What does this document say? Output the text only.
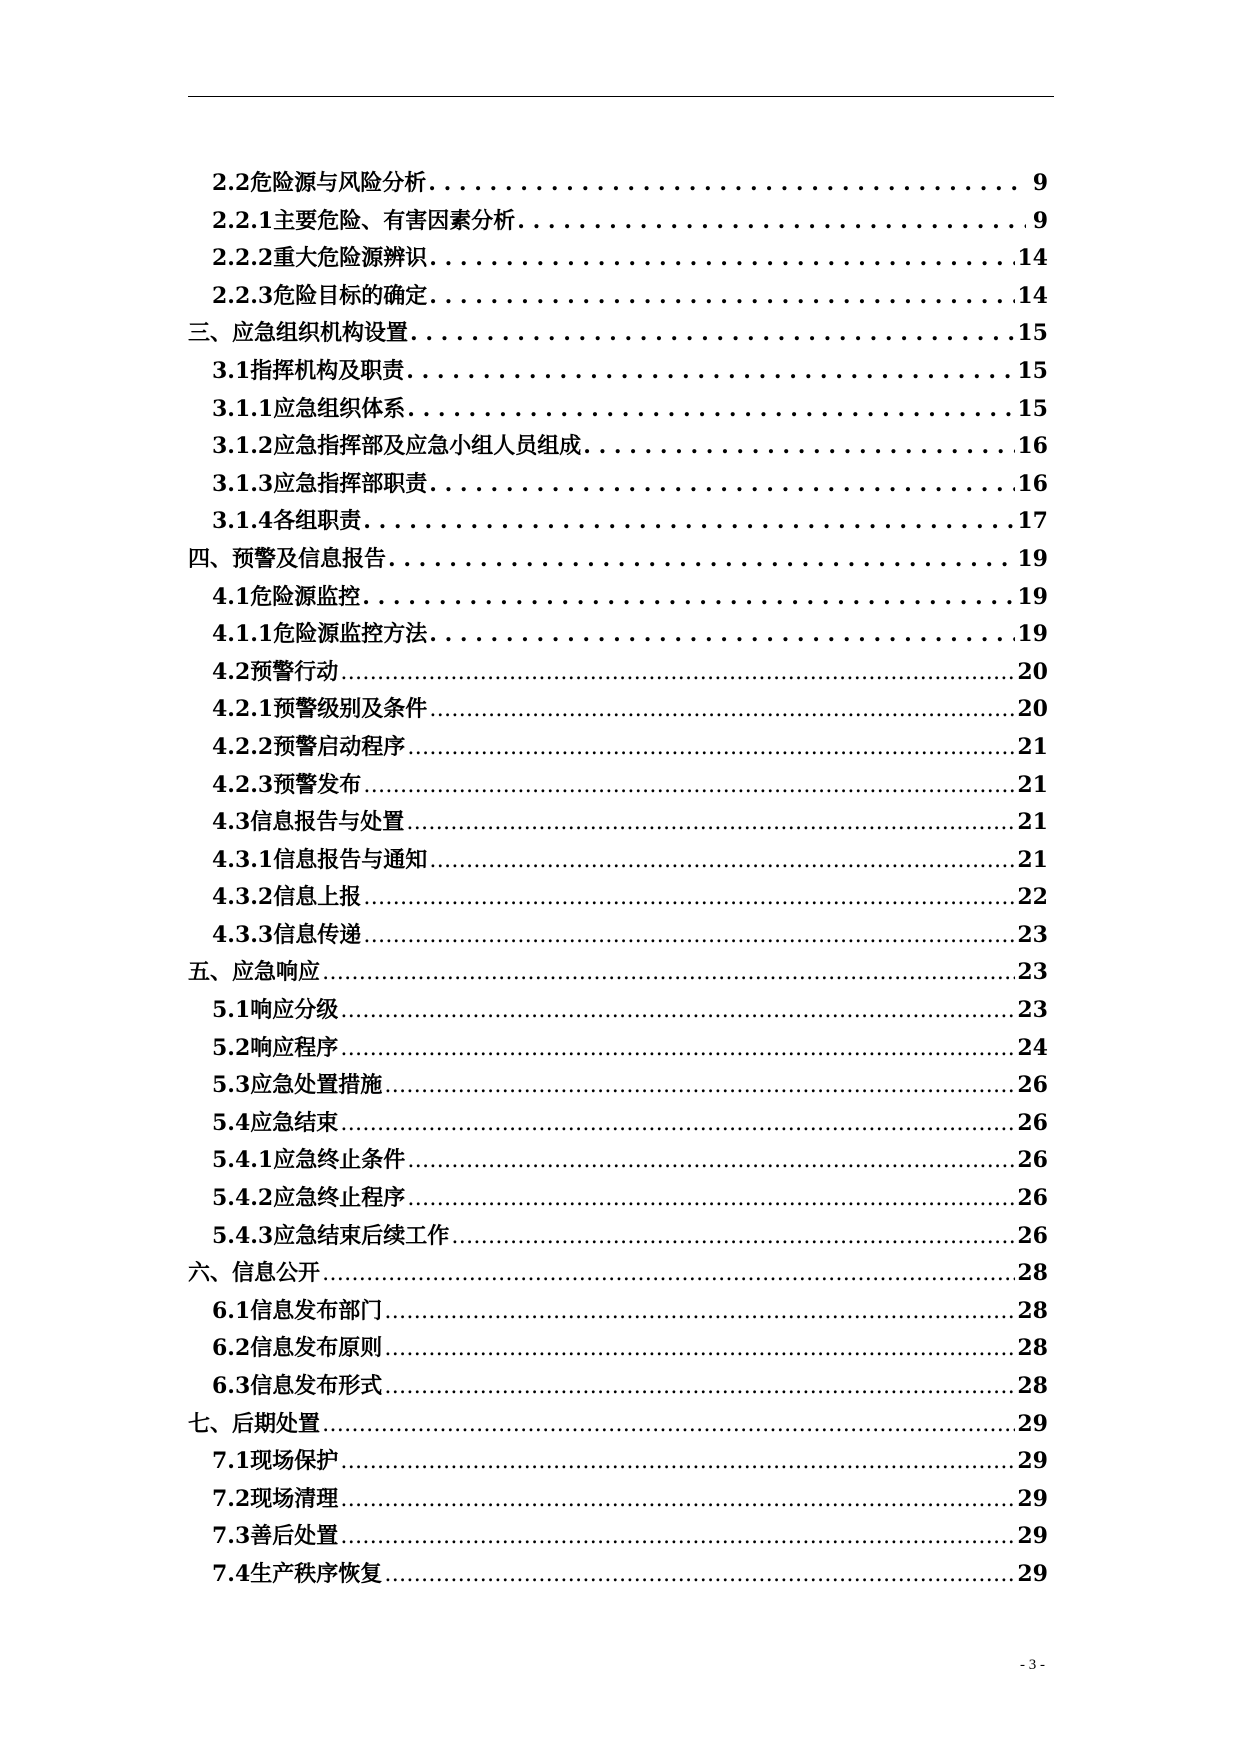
2.2危险源与风险分析 . . .	9
2.2.1主要危险、有害因素分析 . . .	9
2.2.2重大危险源辨识 . . .	14
2.2.3危险目标的确定 . . .	14
三、应急组织机构设置 . . .	15
3.1指挥机构及职责 . . .	15
3.1.1应急组织体系 . . .	15
3.1.2应急指挥部及应急小组人员组成 . . .	16
3.1.3应急指挥部职责 . . .	16
3.1.4各组职责 . . .	17
四、预警及信息报告 . . .	19
4.1危险源监控 . . .	19
4.1.1危险源监控方法 . . .	19
4.2预警行动 ………………………………………………………………………………………………………………………………………………………………………………………………………………………………………………	20
4.2.1预警级别及条件 ………………………………………………………………………………………………………………………………………………………………………………………………………………………………………………	20
4.2.2预警启动程序 ………………………………………………………………………………………………………………………………………………………………………………………………………………………………………………	21
4.2.3预警发布 ………………………………………………………………………………………………………………………………………………………………………………………………………………………………………………	21
4.3信息报告与处置 ………………………………………………………………………………………………………………………………………………………………………………………………………………………………………………	21
4.3.1信息报告与通知 ………………………………………………………………………………………………………………………………………………………………………………………………………………………………………………	21
4.3.2信息上报 ………………………………………………………………………………………………………………………………………………………………………………………………………………………………………………	22
4.3.3信息传递 ………………………………………………………………………………………………………………………………………………………………………………………………………………………………………………	23
五、应急响应 ………………………………………………………………………………………………………………………………………………………………………………………………………………………………………………	23
5.1响应分级 ………………………………………………………………………………………………………………………………………………………………………………………………………………………………………………	23
5.2响应程序 ………………………………………………………………………………………………………………………………………………………………………………………………………………………………………………	24
5.3应急处置措施 ………………………………………………………………………………………………………………………………………………………………………………………………………………………………………………	26
5.4应急结束 ………………………………………………………………………………………………………………………………………………………………………………………………………………………………………………	26
5.4.1应急终止条件 ………………………………………………………………………………………………………………………………………………………………………………………………………………………………………………	26
5.4.2应急终止程序 ………………………………………………………………………………………………………………………………………………………………………………………………………………………………………………	26
5.4.3应急结束后续工作 ………………………………………………………………………………………………………………………………………………………………………………………………………………………………………………	26
六、信息公开 ………………………………………………………………………………………………………………………………………………………………………………………………………………………………………………	28
6.1信息发布部门 ………………………………………………………………………………………………………………………………………………………………………………………………………………………………………………	28
6.2信息发布原则 ………………………………………………………………………………………………………………………………………………………………………………………………………………………………………………	28
6.3信息发布形式 ………………………………………………………………………………………………………………………………………………………………………………………………………………………………………………	28
七、后期处置 ………………………………………………………………………………………………………………………………………………………………………………………………………………………………………………	29
7.1现场保护 ………………………………………………………………………………………………………………………………………………………………………………………………………………………………………………	29
7.2现场清理 ………………………………………………………………………………………………………………………………………………………………………………………………………………………………………………	29
7.3善后处置 ………………………………………………………………………………………………………………………………………………………………………………………………………………………………………………	29
7.4生产秩序恢复 ………………………………………………………………………………………………………………………………………………………………………………………………………………………………………………	29
- 3 -
